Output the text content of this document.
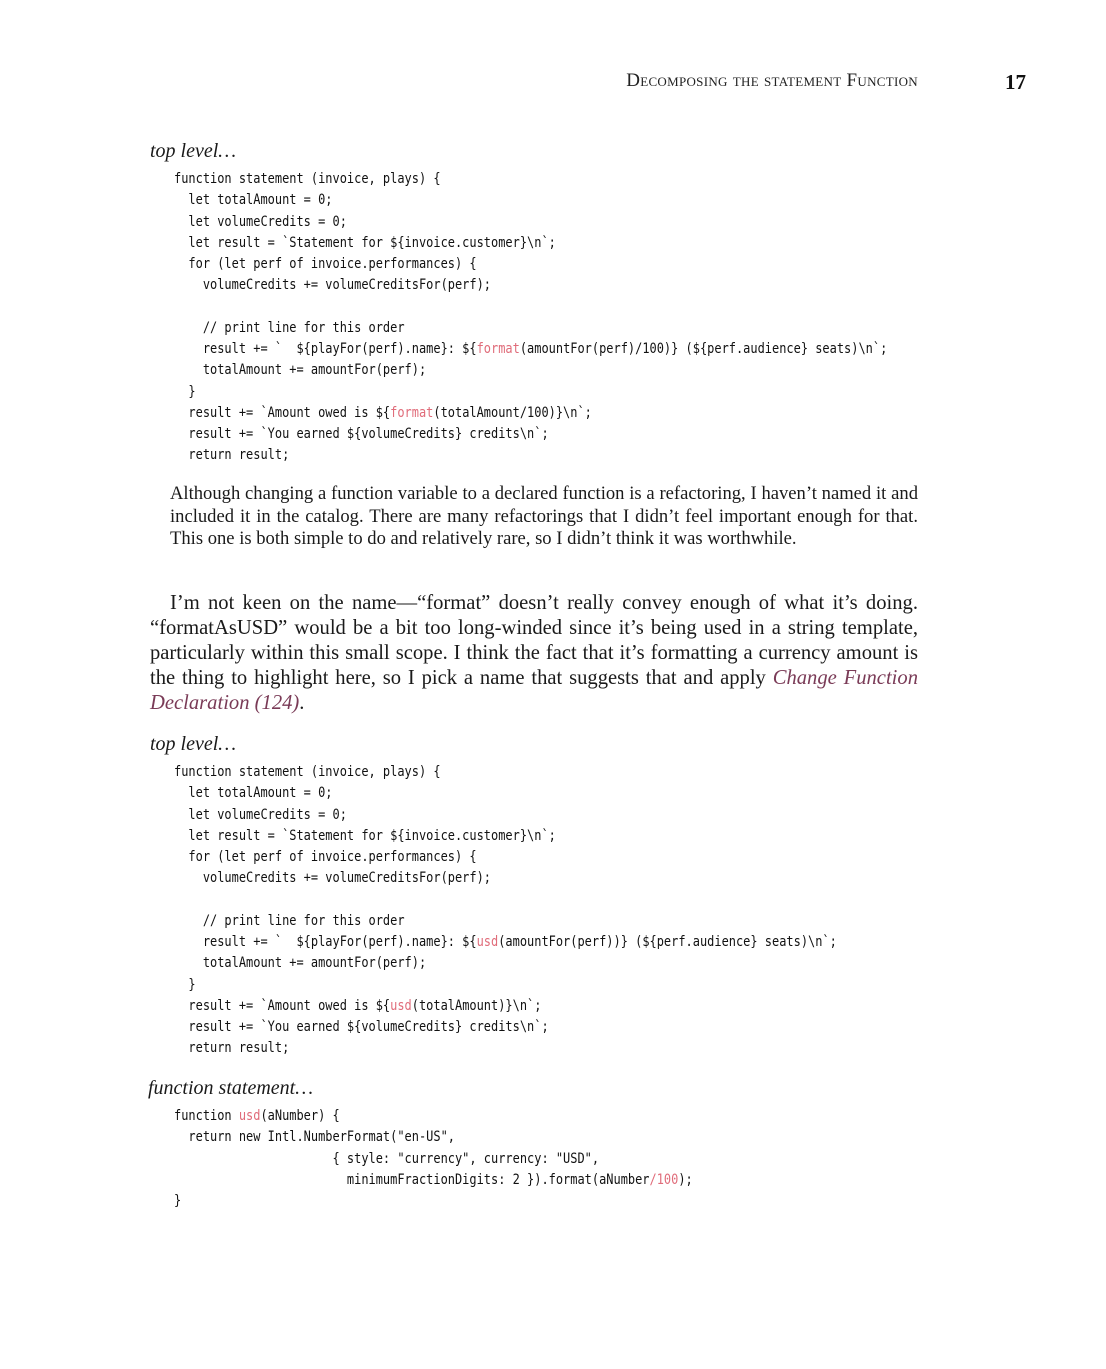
Decomposing the statement Function	17
top level…
function statement (invoice, plays) {
let totalAmount = 0;
let volumeCredits = 0;
let result = `Statement for ${invoice.customer}\n`;
for (let perf of invoice.performances) {
volumeCredits += volumeCreditsFor(perf);

// print line for this order
result += `  ${playFor(perf).name}: ${format(amountFor(perf)/100)} (${perf.audience} seats)\n`;
totalAmount += amountFor(perf);
}
result += `Amount owed is ${format(totalAmount/100)}\n`;
result += `You earned ${volumeCredits} credits\n`;
return result;

Although changing a function variable to a declared function is a refactoring, I haven’t named it and included it in the catalog. There are many refactorings that I didn’t feel important enough for that. This one is both simple to do and relatively rare, so I didn’t think it was worthwhile.

I’m not keen on the name—“format” doesn’t really convey enough of what it’s doing. “formatAsUSD” would be a bit too long-winded since it’s being used in a string template, particularly within this small scope. I think the fact that it’s formatting a currency amount is the thing to highlight here, so I pick a name that suggests that and apply Change Function Declaration (124).

top level…
function statement (invoice, plays) {
let totalAmount = 0;
let volumeCredits = 0;
let result = `Statement for ${invoice.customer}\n`;
for (let perf of invoice.performances) {
volumeCredits += volumeCreditsFor(perf);

// print line for this order
result += `  ${playFor(perf).name}: ${usd(amountFor(perf))} (${perf.audience} seats)\n`;
totalAmount += amountFor(perf);
}
result += `Amount owed is ${usd(totalAmount)}\n`;
result += `You earned ${volumeCredits} credits\n`;
return result;
function statement…
function usd(aNumber) {
return new Intl.NumberFormat("en-US",
{ style: "currency", currency: "USD",
minimumFractionDigits: 2 }).format(aNumber/100);
}
